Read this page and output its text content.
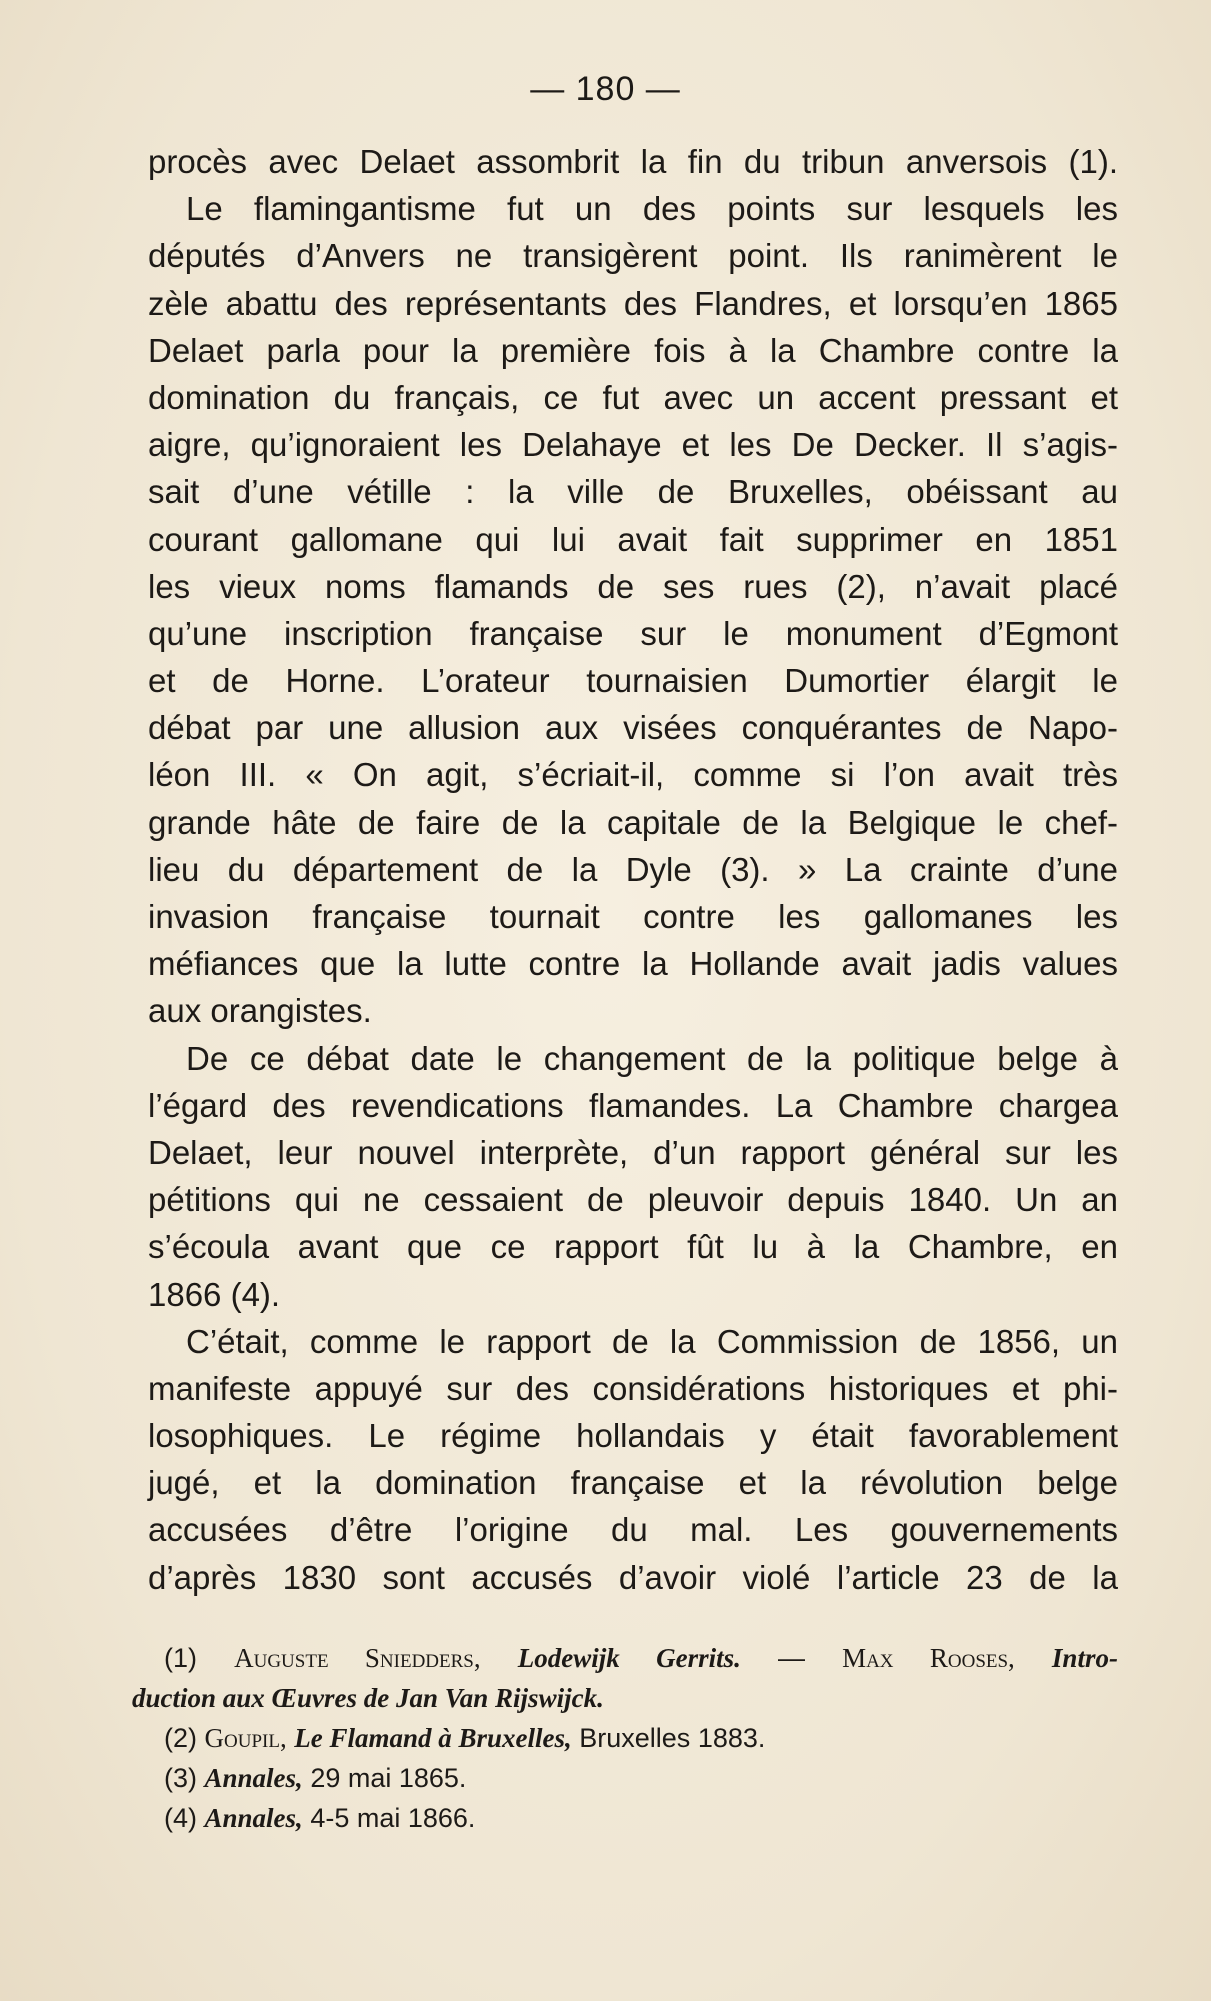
— 180 —
procès avec Delaet assombrit la fin du tribun anversois (1).
Le flamingantisme fut un des points sur lesquels les
députés d’Anvers ne transigèrent point. Ils ranimèrent le
zèle abattu des représentants des Flandres, et lorsqu’en 1865
Delaet parla pour la première fois à la Chambre contre la
domination du français, ce fut avec un accent pressant et
aigre, qu’ignoraient les Delahaye et les De Decker. Il s’agis-
sait d’une vétille : la ville de Bruxelles, obéissant au
courant gallomane qui lui avait fait supprimer en 1851
les vieux noms flamands de ses rues (2), n’avait placé
qu’une inscription française sur le monument d’Egmont
et de Horne. L’orateur tournaisien Dumortier élargit le
débat par une allusion aux visées conquérantes de Napo-
léon III. « On agit, s’écriait-il, comme si l’on avait très
grande hâte de faire de la capitale de la Belgique le chef-
lieu du département de la Dyle (3). » La crainte d’une
invasion française tournait contre les gallomanes les
méfiances que la lutte contre la Hollande avait jadis values
aux orangistes.
De ce débat date le changement de la politique belge à
l’égard des revendications flamandes. La Chambre chargea
Delaet, leur nouvel interprète, d’un rapport général sur les
pétitions qui ne cessaient de pleuvoir depuis 1840. Un an
s’écoula avant que ce rapport fût lu à la Chambre, en
1866 (4).
C’était, comme le rapport de la Commission de 1856, un
manifeste appuyé sur des considérations historiques et phi-
losophiques. Le régime hollandais y était favorablement
jugé, et la domination française et la révolution belge
accusées d’être l’origine du mal. Les gouvernements
d’après 1830 sont accusés d’avoir violé l’article 23 de la
(1) Auguste Sniedders, Lodewijk Gerrits. — Max Rooses, Intro-
duction aux Œuvres de Jan Van Rijswijck.
(2) Goupil, Le Flamand à Bruxelles, Bruxelles 1883.
(3) Annales, 29 mai 1865.
(4) Annales, 4-5 mai 1866.
